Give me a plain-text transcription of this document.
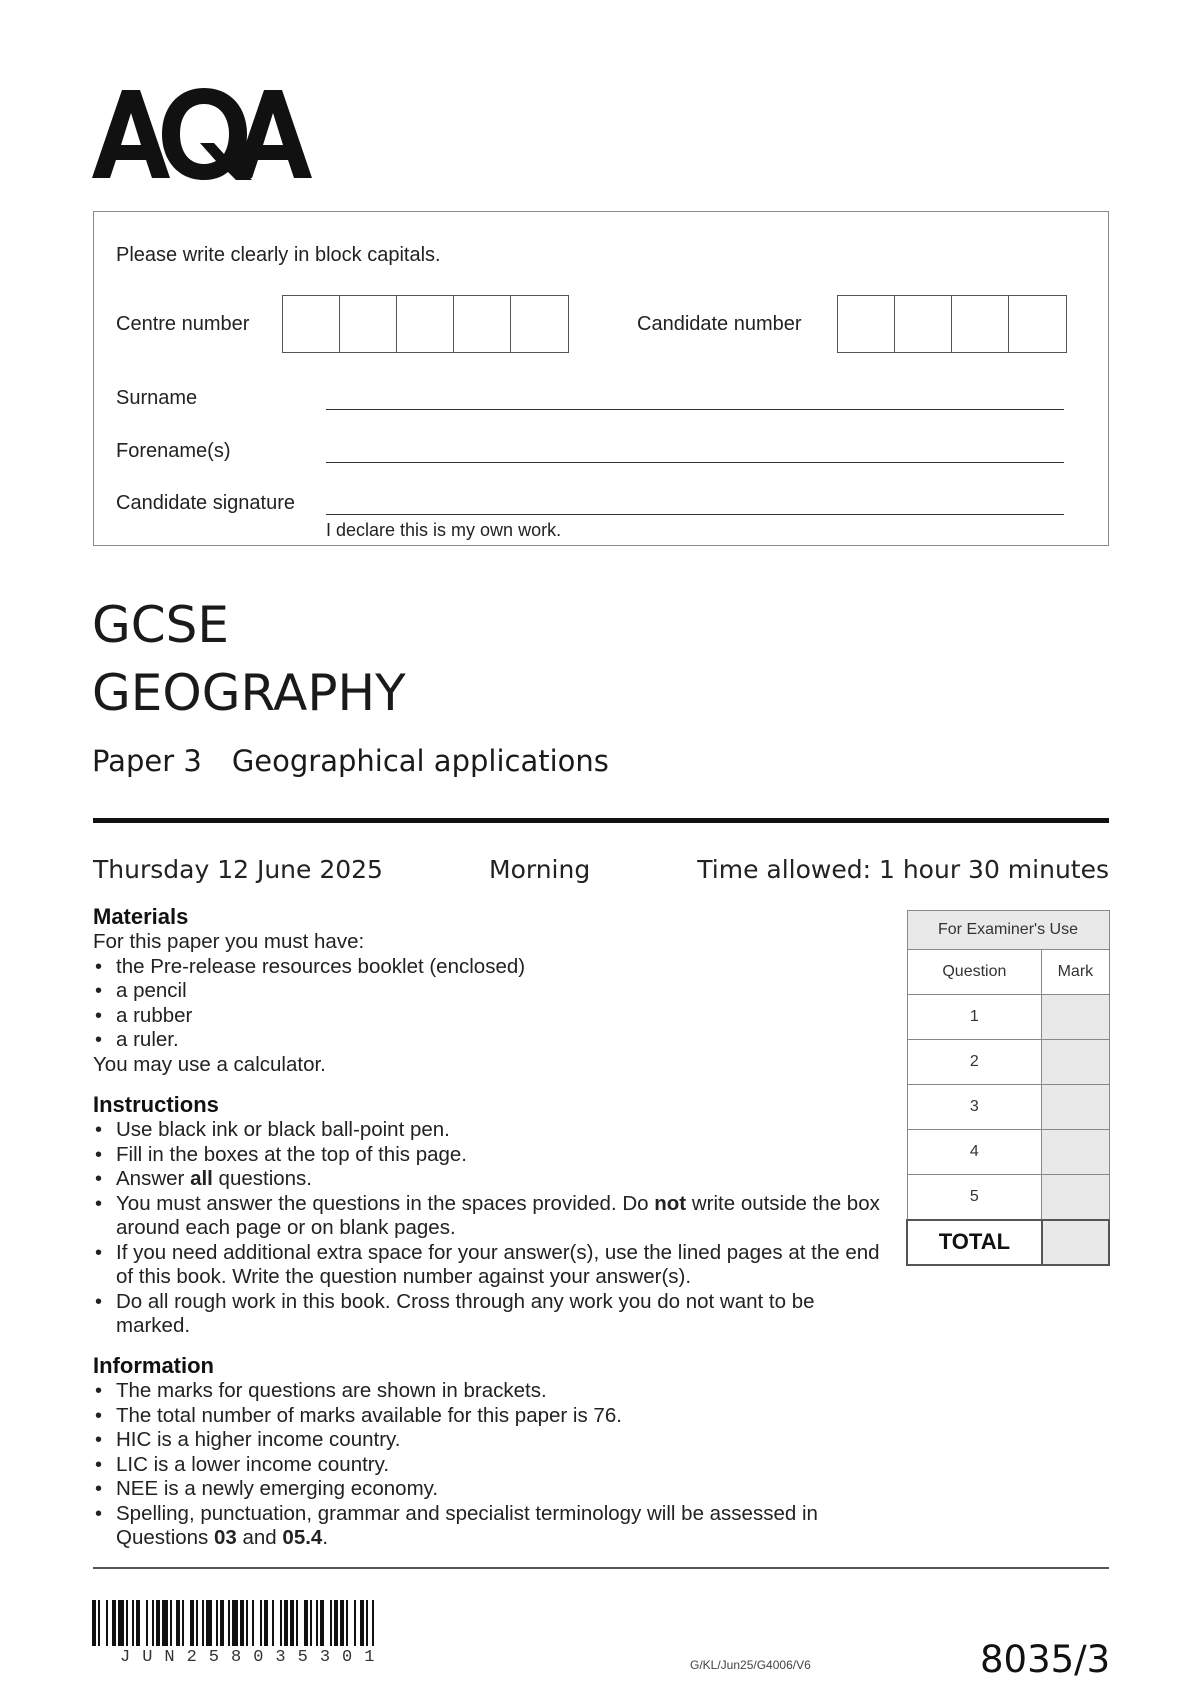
Please write clearly in block capitals.
Centre number	Candidate number
Surname
Forename(s)
Candidate signature
I declare this is my own work.
GCSE
GEOGRAPHY
Paper 3 Geographical applications
Thursday 12 June 2025	Morning	Time allowed: 1 hour 30 minutes
Materials
For this paper you must have:
• the Pre-release resources booklet (enclosed)
• a pencil
• a rubber
• a ruler.
You may use a calculator.
Instructions
• Use black ink or black ball-point pen.
• Fill in the boxes at the top of this page.
• Answer all questions.
• You must answer the questions in the spaces provided. Do not write outside the box around each page or on blank pages.
• If you need additional extra space for your answer(s), use the lined pages at the end of this book. Write the question number against your answer(s).
• Do all rough work in this book. Cross through any work you do not want to be marked.
Information
• The marks for questions are shown in brackets.
• The total number of marks available for this paper is 76.
• HIC is a higher income country.
• LIC is a lower income country.
• NEE is a newly emerging economy.
• Spelling, punctuation, grammar and specialist terminology will be assessed in Questions 03 and 05.4.
For Examiner's Use	
Question	Mark
1	
2	
3	
4	
5	
TOTAL	
JUN258035301	G/KL/Jun25/G4006/V6	8035/3
